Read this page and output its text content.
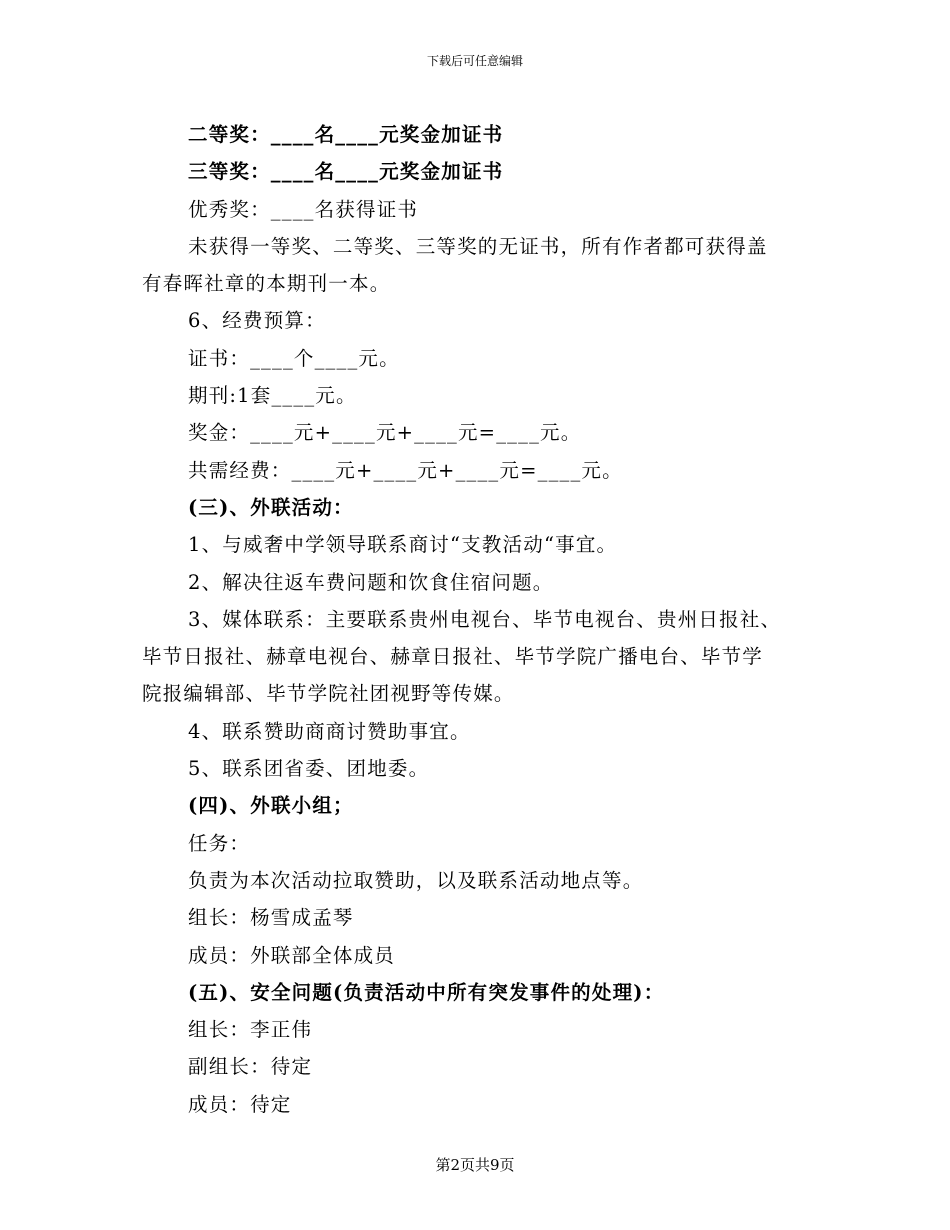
下载后可任意编辑
二等奖：____名____元奖金加证书
三等奖：____名____元奖金加证书
优秀奖：____名获得证书
未获得一等奖、二等奖、三等奖的无证书，所有作者都可获得盖
有春晖社章的本期刊一本。
6、经费预算：
证书：____个____元。
期刊:1套____元。
奖金：____元+____元+____元=____元。
共需经费：____元+____元+____元=____元。
(三)、外联活动：
1、与威奢中学领导联系商讨“支教活动“事宜。
2、解决往返车费问题和饮食住宿问题。
3、媒体联系：主要联系贵州电视台、毕节电视台、贵州日报社、
毕节日报社、赫章电视台、赫章日报社、毕节学院广播电台、毕节学
院报编辑部、毕节学院社团视野等传媒。
4、联系赞助商商讨赞助事宜。
5、联系团省委、团地委。
(四)、外联小组；
任务：
负责为本次活动拉取赞助，以及联系活动地点等。
组长：杨雪成孟琴
成员：外联部全体成员
(五)、安全问题(负责活动中所有突发事件的处理)：
组长：李正伟
副组长：待定
成员：待定
第2页共9页
